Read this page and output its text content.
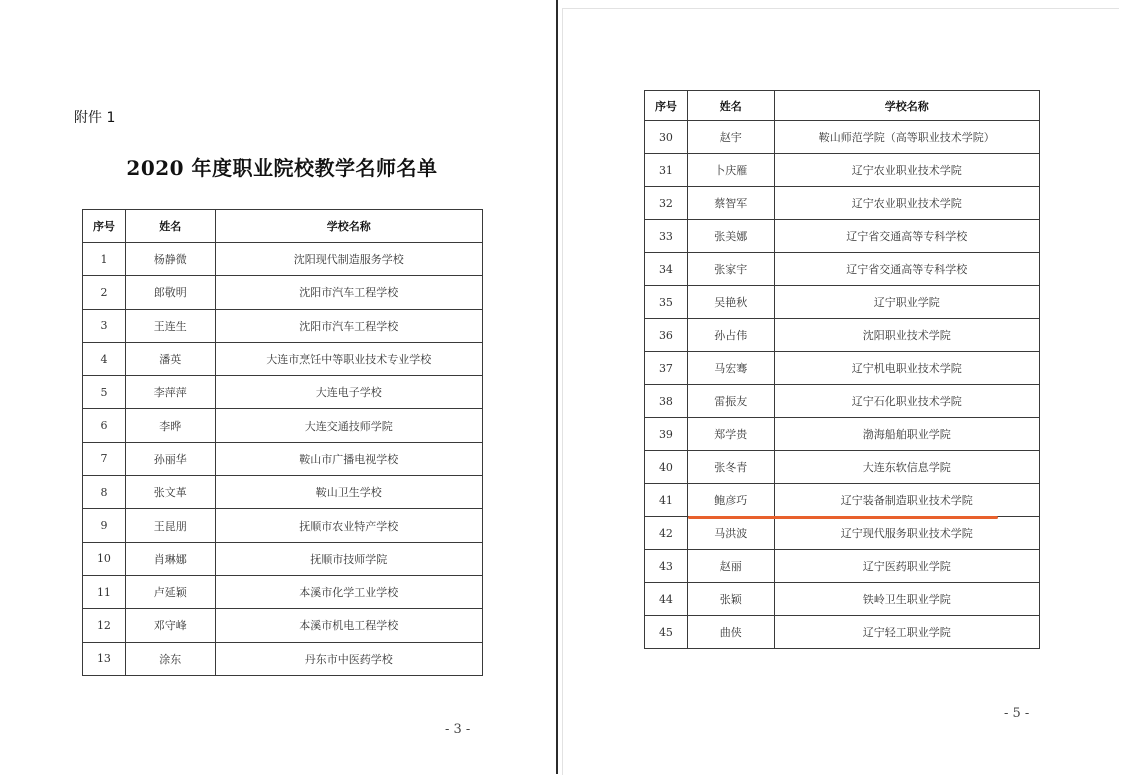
附件 1
2020 年度职业院校教学名师名单
序号	姓名	学校名称
1	杨静微	沈阳现代制造服务学校
2	郎敬明	沈阳市汽车工程学校
3	王连生	沈阳市汽车工程学校
4	潘英	大连市烹饪中等职业技术专业学校
5	李萍萍	大连电子学校
6	李晔	大连交通技师学院
7	孙丽华	鞍山市广播电视学校
8	张文革	鞍山卫生学校
9	王昆朋	抚顺市农业特产学校
10	肖琳娜	抚顺市技师学院
11	卢延颖	本溪市化学工业学校
12	邓守峰	本溪市机电工程学校
13	涂东	丹东市中医药学校
- 3 -
序号	姓名	学校名称
30	赵宇	鞍山师范学院（高等职业技术学院）
31	卜庆雁	辽宁农业职业技术学院
32	蔡智军	辽宁农业职业技术学院
33	张美娜	辽宁省交通高等专科学校
34	张家宇	辽宁省交通高等专科学校
35	吴艳秋	辽宁职业学院
36	孙占伟	沈阳职业技术学院
37	马宏骞	辽宁机电职业技术学院
38	雷振友	辽宁石化职业技术学院
39	郑学贵	渤海船舶职业学院
40	张冬青	大连东软信息学院
41	鲍彦巧	辽宁装备制造职业技术学院
42	马洪波	辽宁现代服务职业技术学院
43	赵丽	辽宁医药职业学院
44	张颖	铁岭卫生职业学院
45	曲侠	辽宁轻工职业学院
- 5 -
